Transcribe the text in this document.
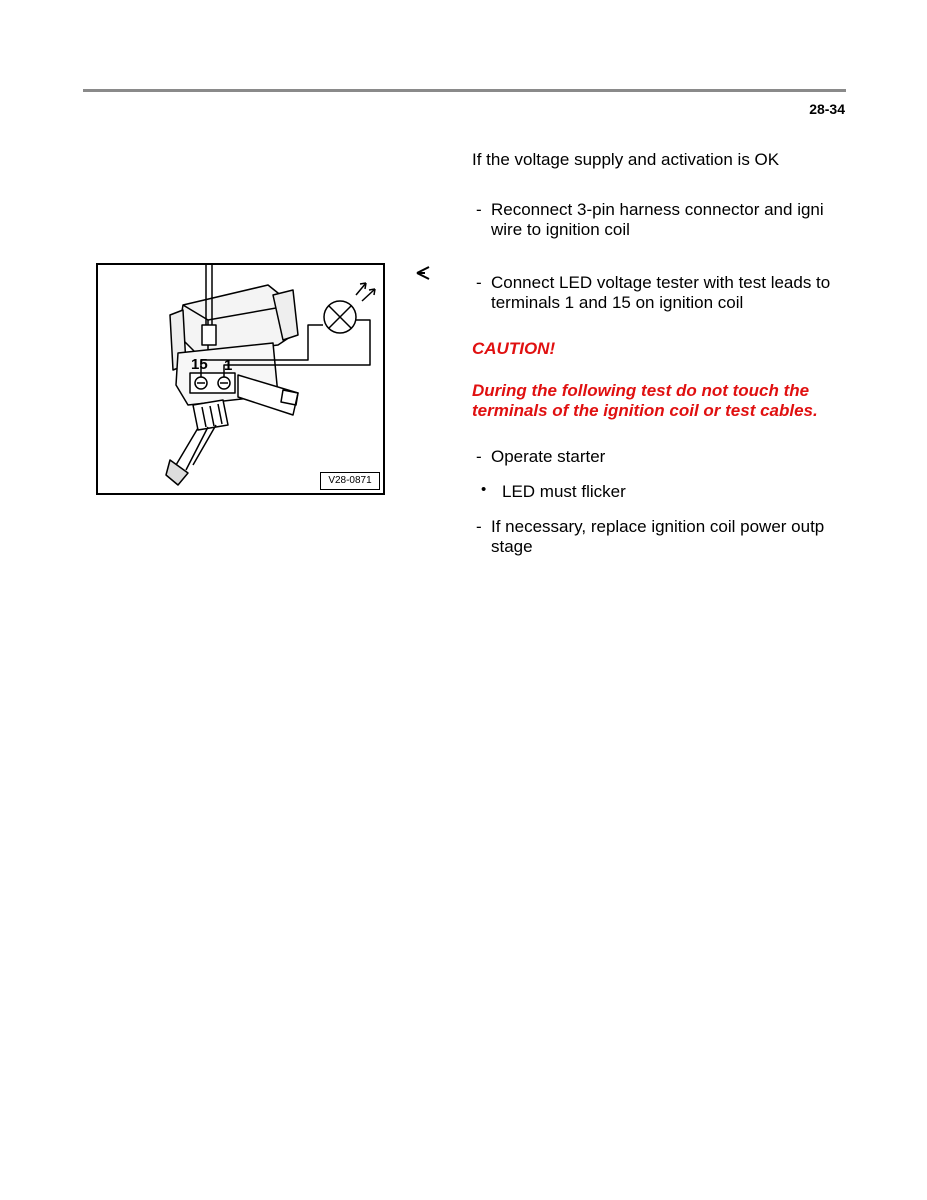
28-34
15 1
V28-0871
If the voltage supply and activation is OK
- Reconnect 3-pin harness connector and igni
wire to ignition coil
- Connect LED voltage tester with test leads to
terminals 1 and 15 on ignition coil
CAUTION!
During the following test do not touch the
terminals of the ignition coil or test cables.
- Operate starter
• LED must flicker
- If necessary, replace ignition coil power outp
stage
